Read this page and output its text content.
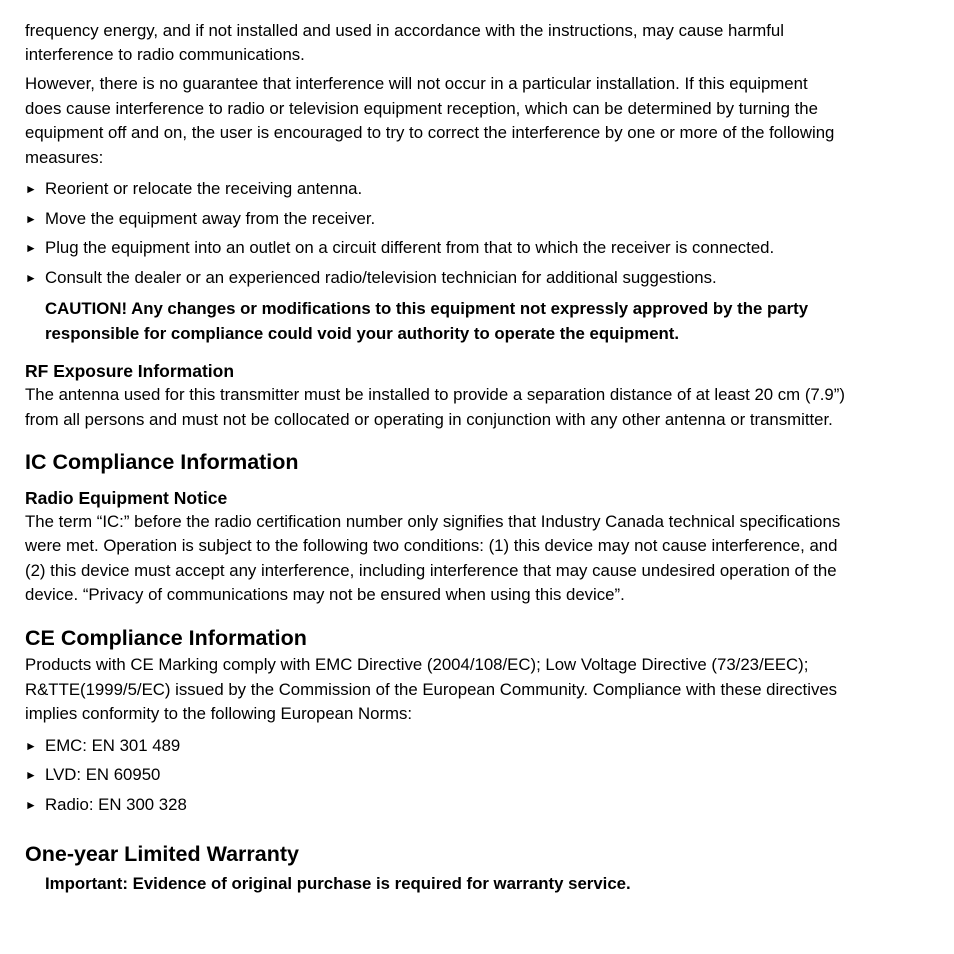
frequency energy, and if not installed and used in accordance with the instructions, may cause harmful
interference to radio communications.
However, there is no guarantee that interference will not occur in a particular installation. If this equipment
does cause interference to radio or television equipment reception, which can be determined by turning the
equipment off and on, the user is encouraged to try to correct the interference by one or more of the following
measures:
► Reorient or relocate the receiving antenna.
► Move the equipment away from the receiver.
► Plug the equipment into an outlet on a circuit different from that to which the receiver is connected.
► Consult the dealer or an experienced radio/television technician for additional suggestions.
CAUTION! Any changes or modifications to this equipment not expressly approved by the party
responsible for compliance could void your authority to operate the equipment.
RF Exposure Information
The antenna used for this transmitter must be installed to provide a separation distance of at least 20 cm (7.9”)
from all persons and must not be collocated or operating in conjunction with any other antenna or transmitter.
IC Compliance Information
Radio Equipment Notice
The term “IC:” before the radio certification number only signifies that Industry Canada technical specifications
were met. Operation is subject to the following two conditions: (1) this device may not cause interference, and
(2) this device must accept any interference, including interference that may cause undesired operation of the
device. “Privacy of communications may not be ensured when using this device”.
CE Compliance Information
Products with CE Marking comply with EMC Directive (2004/108/EC); Low Voltage Directive (73/23/EEC);
R&TTE(1999/5/EC) issued by the Commission of the European Community. Compliance with these directives
implies conformity to the following European Norms:
► EMC: EN 301 489
► LVD: EN 60950
► Radio: EN 300 328
One-year Limited Warranty
Important: Evidence of original purchase is required for warranty service.
